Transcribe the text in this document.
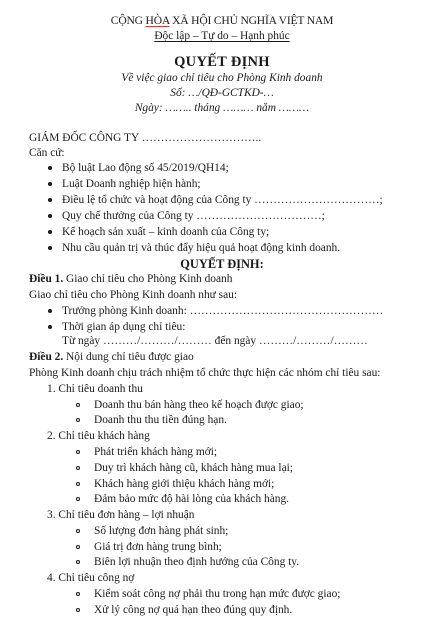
CỘNG HÒA XÃ HỘI CHỦ NGHĨA VIỆT NAM
Độc lập – Tự do – Hạnh phúc
QUYẾT ĐỊNH
Về việc giao chỉ tiêu cho Phòng Kinh doanh
Số: …/QĐ-GCTKD-…
Ngày: …….. tháng ……… năm ………
GIÁM ĐỐC CÔNG TY …………………………..
Căn cứ:
Bộ luật Lao động số 45/2019/QH14;
Luật Doanh nghiệp hiện hành;
Điều lệ tổ chức và hoạt động của Công ty ……………………………;
Quy chế thưởng của Công ty ……………………………;
Kế hoạch sản xuất – kinh doanh của Công ty;
Nhu cầu quản trị và thúc đẩy hiệu quả hoạt động kinh doanh.
QUYẾT ĐỊNH:
Điều 1. Giao chỉ tiêu cho Phòng Kinh doanh
Giao chỉ tiêu cho Phòng Kinh doanh như sau:
Trưởng phòng Kinh doanh: ……………………………………………
Thời gian áp dụng chỉ tiêu:
Từ ngày ………/………/……… đến ngày ………/………/………
Điều 2. Nội dung chỉ tiêu được giao
Phòng Kinh doanh chịu trách nhiệm tổ chức thực hiện các nhóm chỉ tiêu sau:
1. Chỉ tiêu doanh thu
Doanh thu bán hàng theo kế hoạch được giao;
Doanh thu thu tiền đúng hạn.
2. Chỉ tiêu khách hàng
Phát triển khách hàng mới;
Duy trì khách hàng cũ, khách hàng mua lại;
Khách hàng giới thiệu khách hàng mới;
Đảm bảo mức độ hài lòng của khách hàng.
3. Chỉ tiêu đơn hàng – lợi nhuận
Số lượng đơn hàng phát sinh;
Giá trị đơn hàng trung bình;
Biên lợi nhuận theo định hướng của Công ty.
4. Chỉ tiêu công nợ
Kiểm soát công nợ phải thu trong hạn mức được giao;
Xử lý công nợ quá hạn theo đúng quy định.
